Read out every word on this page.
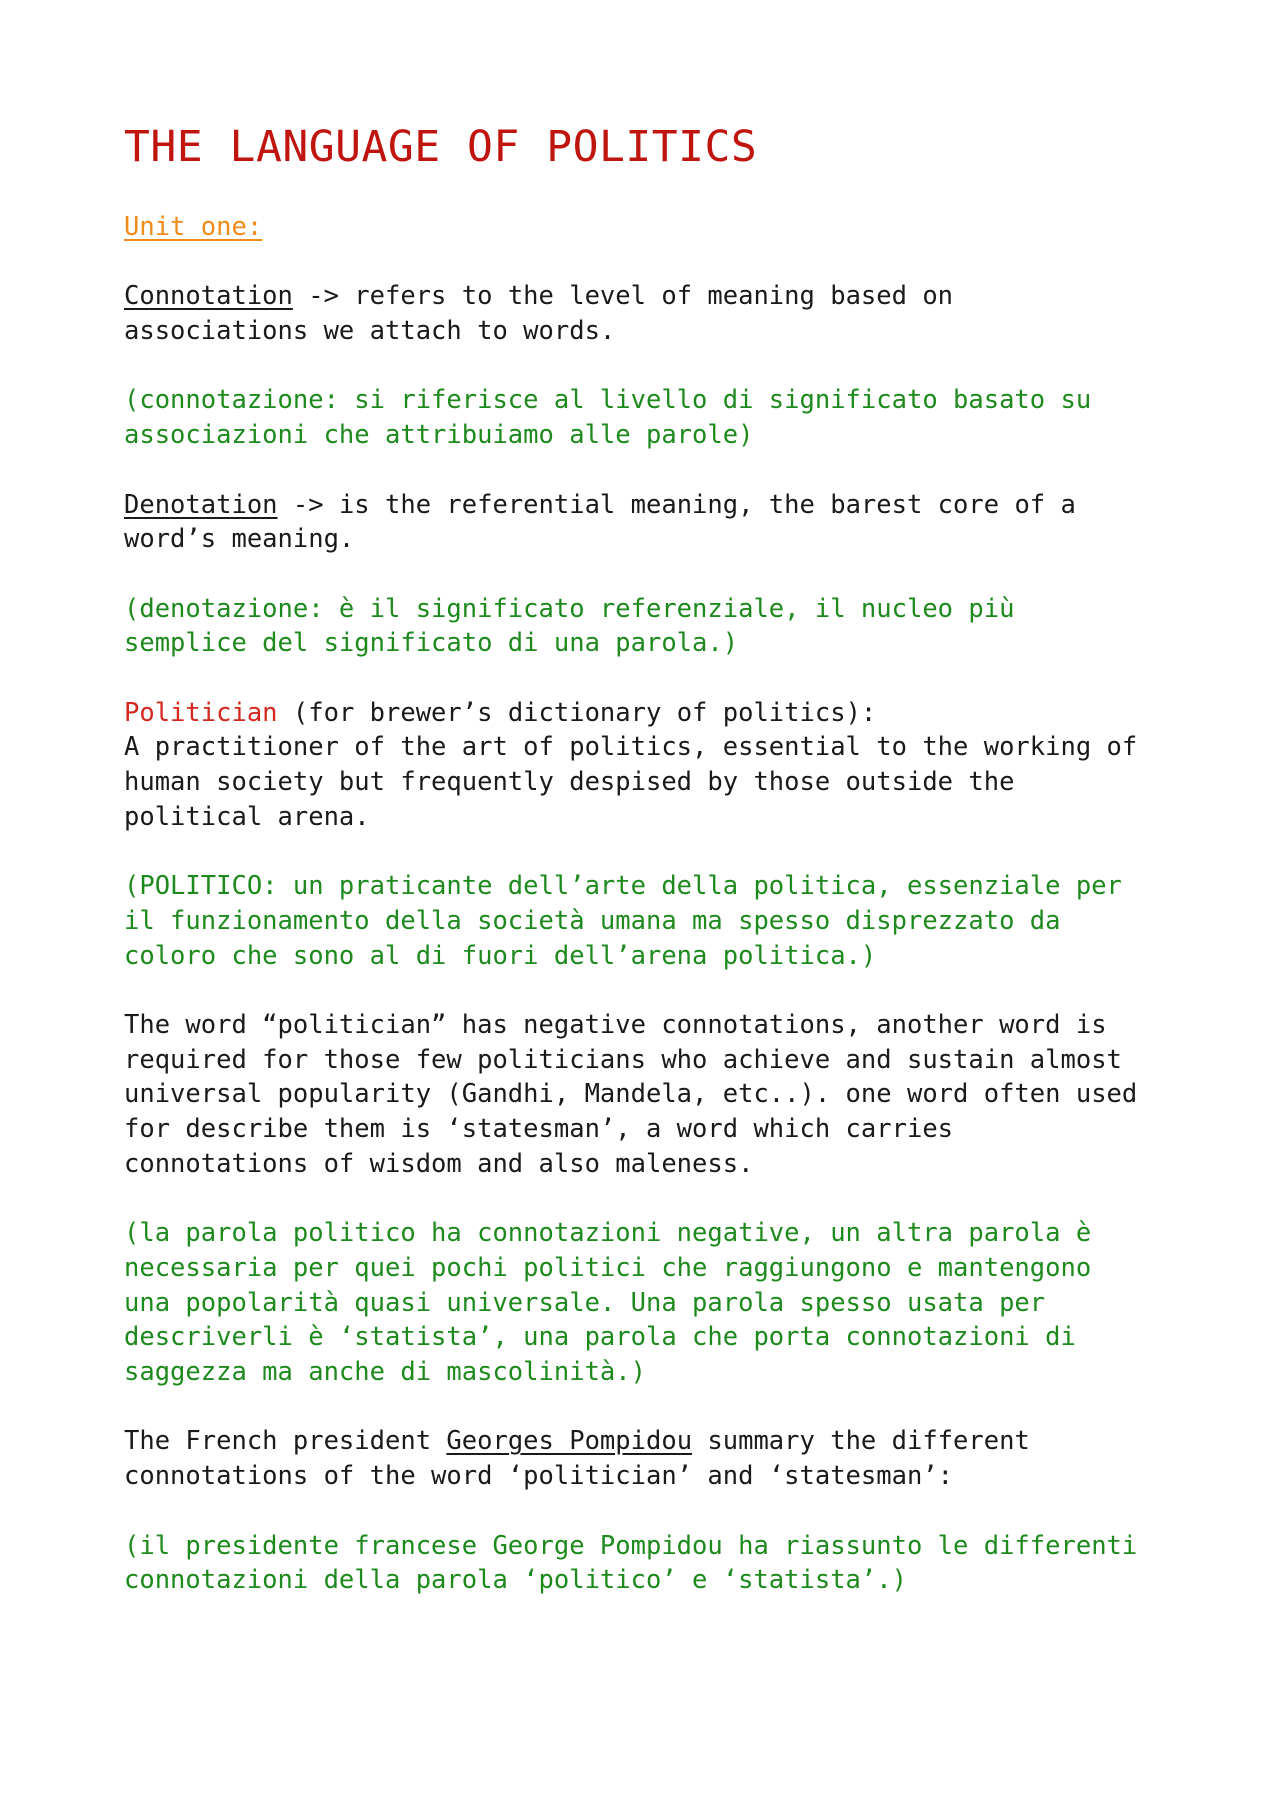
THE LANGUAGE OF POLITICS
Unit one:

Connotation -> refers to the level of meaning based on
associations we attach to words.

(connotazione: si riferisce al livello di significato basato su
associazioni che attribuiamo alle parole)

Denotation -> is the referential meaning, the barest core of a
word’s meaning.

(denotazione: è il significato referenziale, il nucleo più
semplice del significato di una parola.)

Politician (for brewer’s dictionary of politics):
A practitioner of the art of politics, essential to the working of
human society but frequently despised by those outside the
political arena.

(POLITICO: un praticante dell’arte della politica, essenziale per
il funzionamento della società umana ma spesso disprezzato da
coloro che sono al di fuori dell’arena politica.)

The word “politician” has negative connotations, another word is
required for those few politicians who achieve and sustain almost
universal popularity (Gandhi, Mandela, etc..). one word often used
for describe them is ‘statesman’, a word which carries
connotations of wisdom and also maleness.

(la parola politico ha connotazioni negative, un altra parola è
necessaria per quei pochi politici che raggiungono e mantengono
una popolarità quasi universale. Una parola spesso usata per
descriverli è ‘statista’, una parola che porta connotazioni di
saggezza ma anche di mascolinità.)

The French president Georges Pompidou summary the different
connotations of the word ‘politician’ and ‘statesman’:

(il presidente francese George Pompidou ha riassunto le differenti
connotazioni della parola ‘politico’ e ‘statista’.)
